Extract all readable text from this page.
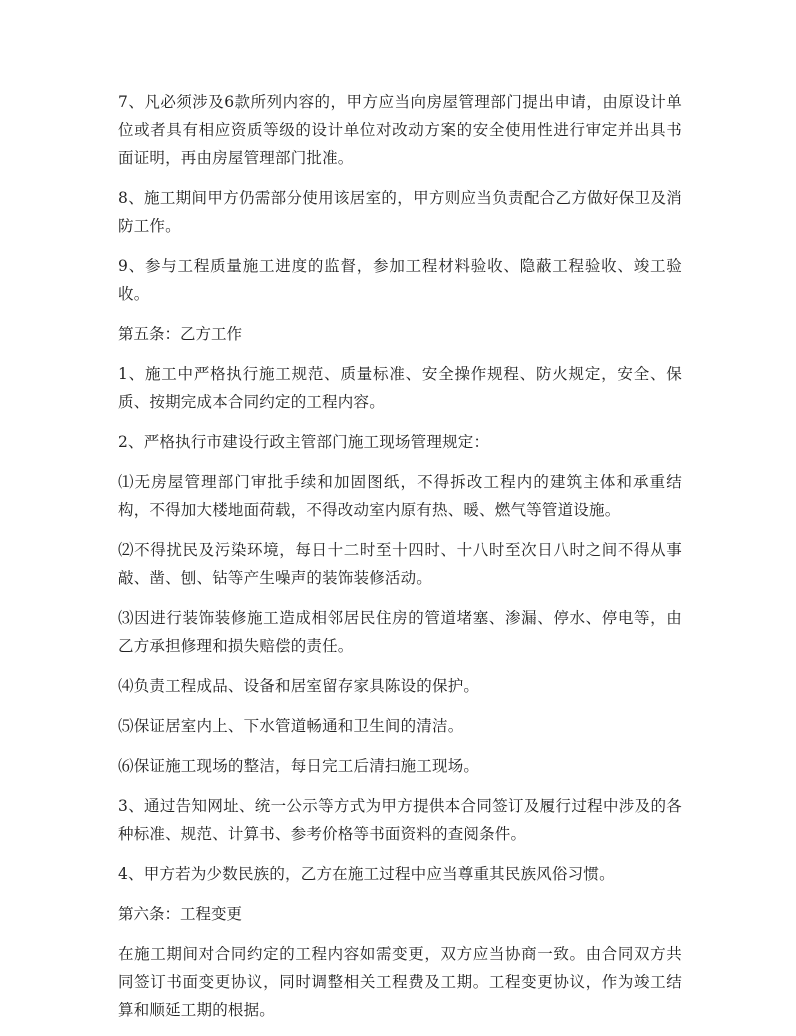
7、凡必须涉及6款所列内容的，甲方应当向房屋管理部门提出申请，由原设计单位或者具有相应资质等级的设计单位对改动方案的安全使用性进行审定并出具书面证明，再由房屋管理部门批准。

8、施工期间甲方仍需部分使用该居室的，甲方则应当负责配合乙方做好保卫及消防工作。

9、参与工程质量施工进度的监督，参加工程材料验收、隐蔽工程验收、竣工验收。

第五条：乙方工作

1、施工中严格执行施工规范、质量标准、安全操作规程、防火规定，安全、保质、按期完成本合同约定的工程内容。

2、严格执行市建设行政主管部门施工现场管理规定：

⑴无房屋管理部门审批手续和加固图纸，不得拆改工程内的建筑主体和承重结构，不得加大楼地面荷载，不得改动室内原有热、暖、燃气等管道设施。

⑵不得扰民及污染环境，每日十二时至十四时、十八时至次日八时之间不得从事敲、凿、刨、钻等产生噪声的装饰装修活动。

⑶因进行装饰装修施工造成相邻居民住房的管道堵塞、渗漏、停水、停电等，由乙方承担修理和损失赔偿的责任。

⑷负责工程成品、设备和居室留存家具陈设的保护。

⑸保证居室内上、下水管道畅通和卫生间的清洁。

⑹保证施工现场的整洁，每日完工后清扫施工现场。

3、通过告知网址、统一公示等方式为甲方提供本合同签订及履行过程中涉及的各种标准、规范、计算书、参考价格等书面资料的查阅条件。

4、甲方若为少数民族的，乙方在施工过程中应当尊重其民族风俗习惯。

第六条：工程变更

在施工期间对合同约定的工程内容如需变更，双方应当协商一致。由合同双方共同签订书面变更协议，同时调整相关工程费及工期。工程变更协议，作为竣工结算和顺延工期的根据。
